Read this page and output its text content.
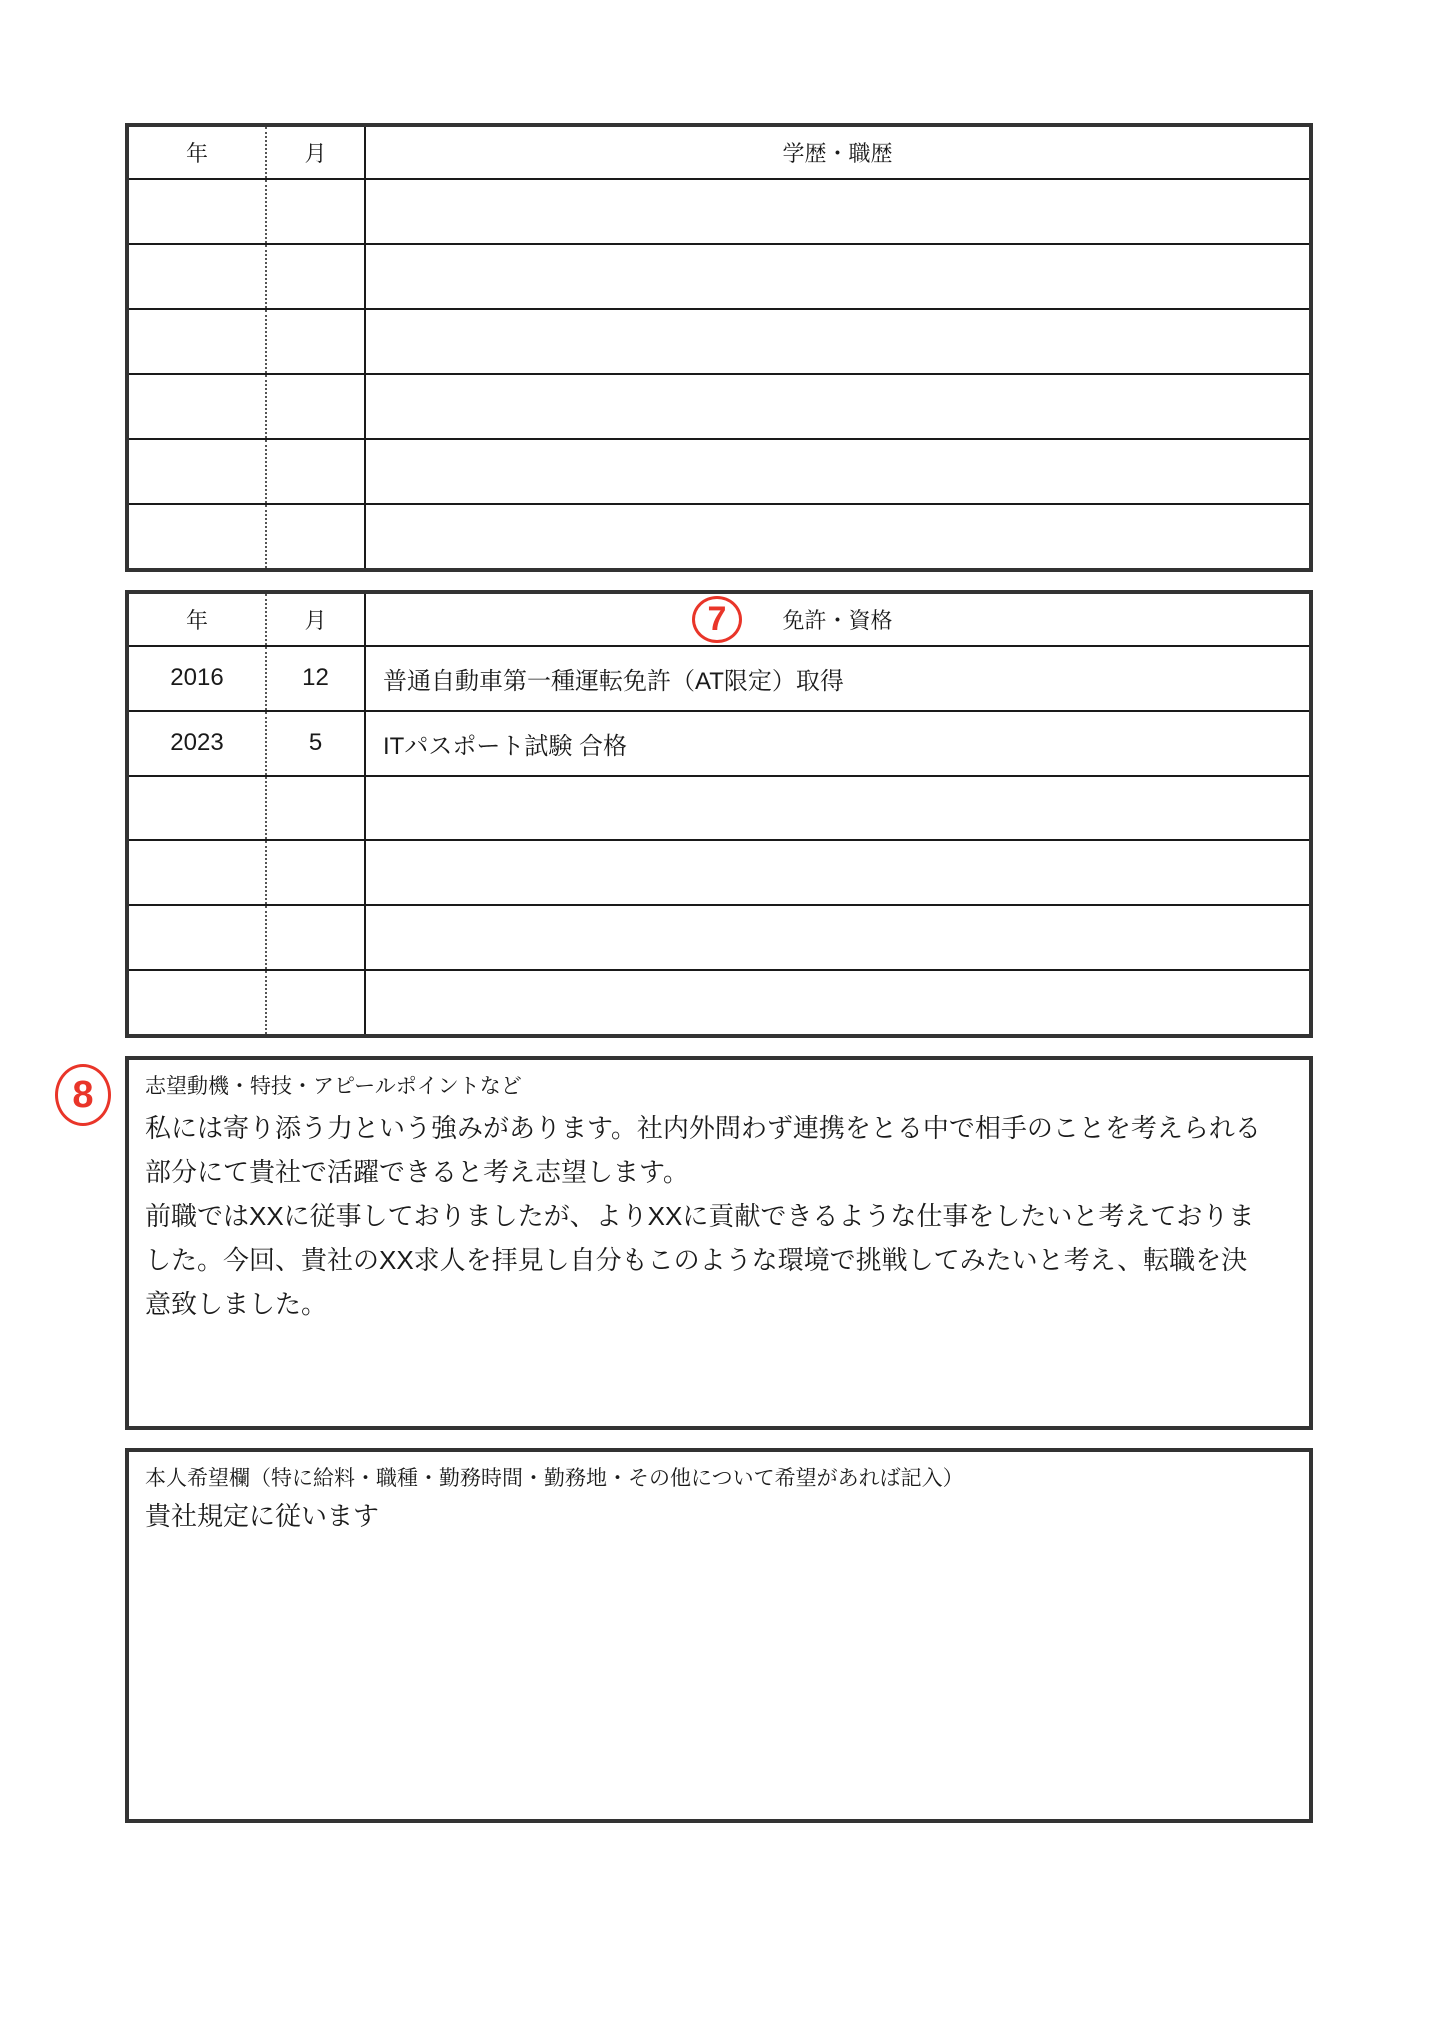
年	月	学歴・職歴
年	月	7	免許・資格
2016	12	普通自動車第一種運転免許（AT限定）取得
2023	5	ITパスポート試験 合格
8	志望動機・特技・アピールポイントなど
私には寄り添う力という強みがあります。社内外問わず連携をとる中で相手のことを考えられる
部分にて貴社で活躍できると考え志望します。
前職ではXXに従事しておりましたが、よりXXに貢献できるような仕事をしたいと考えておりま
した。今回、貴社のXX求人を拝見し自分もこのような環境で挑戦してみたいと考え、転職を決
意致しました。
本人希望欄（特に給料・職種・勤務時間・勤務地・その他について希望があれば記入）
貴社規定に従います
